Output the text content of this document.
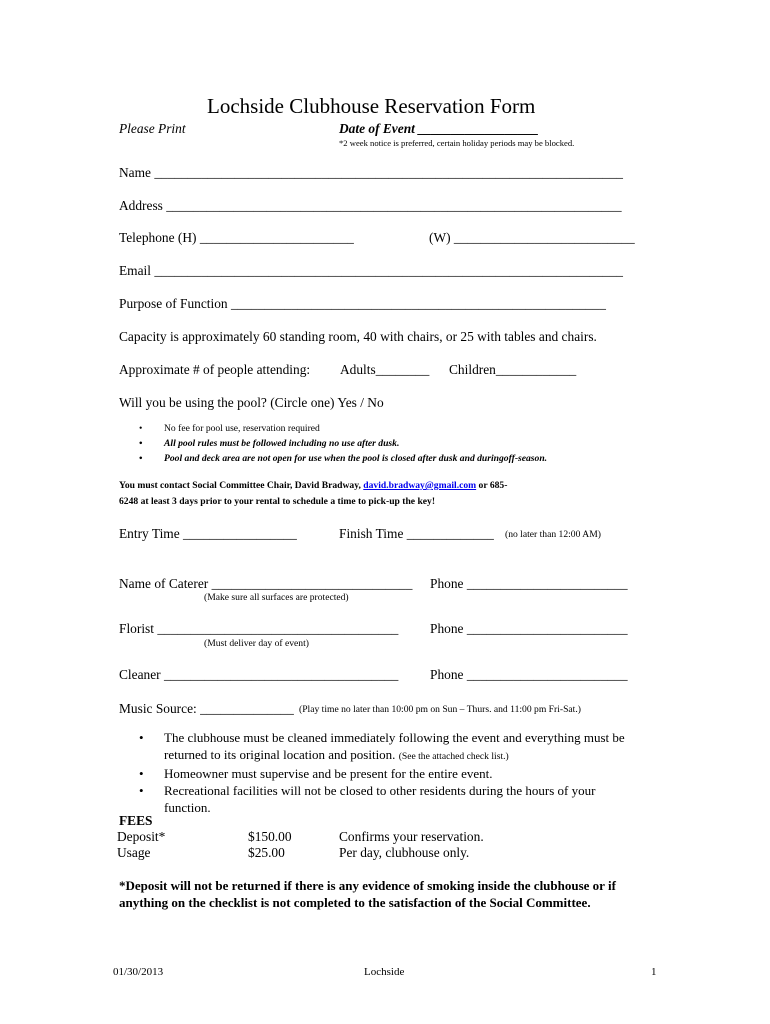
Lochside Clubhouse Reservation Form
Please Print	Date of Event __________________
*2 week notice is preferred, certain holiday periods may be blocked.
Name ______________________________________________________________________
Address ____________________________________________________________________
Telephone (H) _______________________	(W) ___________________________
Email ______________________________________________________________________
Purpose of Function ________________________________________________________
Capacity is approximately 60 standing room, 40 with chairs, or 25 with tables and chairs.
Approximate # of people attending: Adults________ Children____________
Will you be using the pool? (Circle one) Yes / No
• No fee for pool use, reservation required
• All pool rules must be followed including no use after dusk.
• Pool and deck area are not open for use when the pool is closed after dusk and duringoff-season.
You must contact Social Committee Chair, David Bradway, david.bradway@gmail.com or 685-
6248 at least 3 days prior to your rental to schedule a time to pick-up the key!
Entry Time _________________	Finish Time _____________ (no later than 12:00 AM)
Name of Caterer ______________________________ Phone ________________________
(Make sure all surfaces are protected)
Florist ____________________________________ Phone ________________________
(Must deliver day of event)
Cleaner ___________________________________ Phone ________________________
Music Source: ______________ (Play time no later than 10:00 pm on Sun – Thurs. and 11:00 pm Fri-Sat.)
• The clubhouse must be cleaned immediately following the event and everything must be
returned to its original location and position. (See the attached check list.)
• Homeowner must supervise and be present for the entire event.
• Recreational facilities will not be closed to other residents during the hours of your
function.
FEES
Deposit*	$150.00	Confirms your reservation.
Usage	$25.00	Per day, clubhouse only.
*Deposit will not be returned if there is any evidence of smoking inside the clubhouse or if
anything on the checklist is not completed to the satisfaction of the Social Committee.
01/30/2013	Lochside	1
